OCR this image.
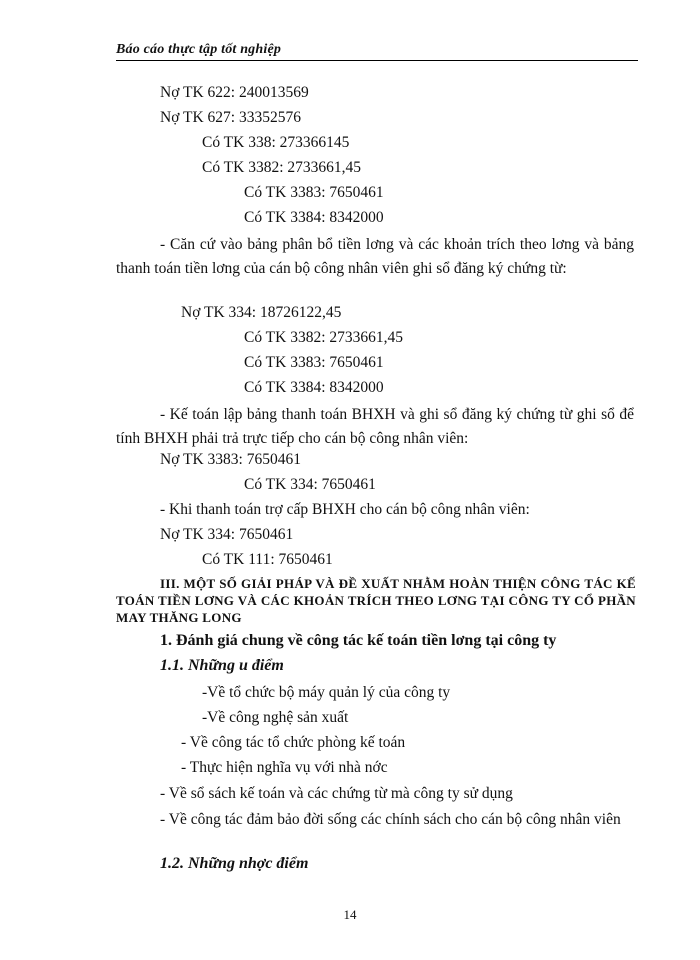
Báo cáo thực tập tốt nghiệp
Nợ TK 622: 240013569
Nợ TK 627: 33352576
Có TK 338: 273366145
Có TK 3382: 2733661,45
Có TK 3383: 7650461
Có TK 3384: 8342000
- Căn cứ vào bảng phân bổ tiền lơng và các khoản trích theo lơng và bảng thanh toán tiền lơng của cán bộ công nhân viên ghi sổ đăng ký chứng từ:
Nợ TK 334: 18726122,45
Có TK 3382: 2733661,45
Có TK 3383: 7650461
Có TK 3384: 8342000
- Kế toán lập bảng thanh toán BHXH và ghi sổ đăng ký chứng từ ghi sổ để tính BHXH phải trả trực tiếp cho cán bộ công nhân viên:
Nợ TK 3383: 7650461
Có TK 334: 7650461
- Khi thanh toán trợ cấp BHXH cho cán bộ công nhân viên:
Nợ TK 334: 7650461
Có TK 111: 7650461
III. MỘT SỐ GIẢI PHÁP VÀ ĐỀ XUẤT NHẰM HOÀN THIỆN CÔNG TÁC KẾ TOÁN TIỀN LƠNG VÀ CÁC KHOẢN TRÍCH THEO LƠNG TẠI CÔNG TY CỔ PHẦN MAY THĂNG LONG
1. Đánh giá chung về công tác kế toán tiền lơng tại công ty
1.1. Những u điểm
-Về tổ chức bộ máy quản lý của công ty
-Về công nghệ sản xuất
- Về công tác tổ chức phòng kế toán
- Thực hiện nghĩa vụ với nhà nớc
- Về sổ sách kế toán và các chứng từ mà công ty sử dụng
- Về công tác đảm bảo đời sống các chính sách cho cán bộ công nhân viên
1.2. Những nhợc điểm
14
